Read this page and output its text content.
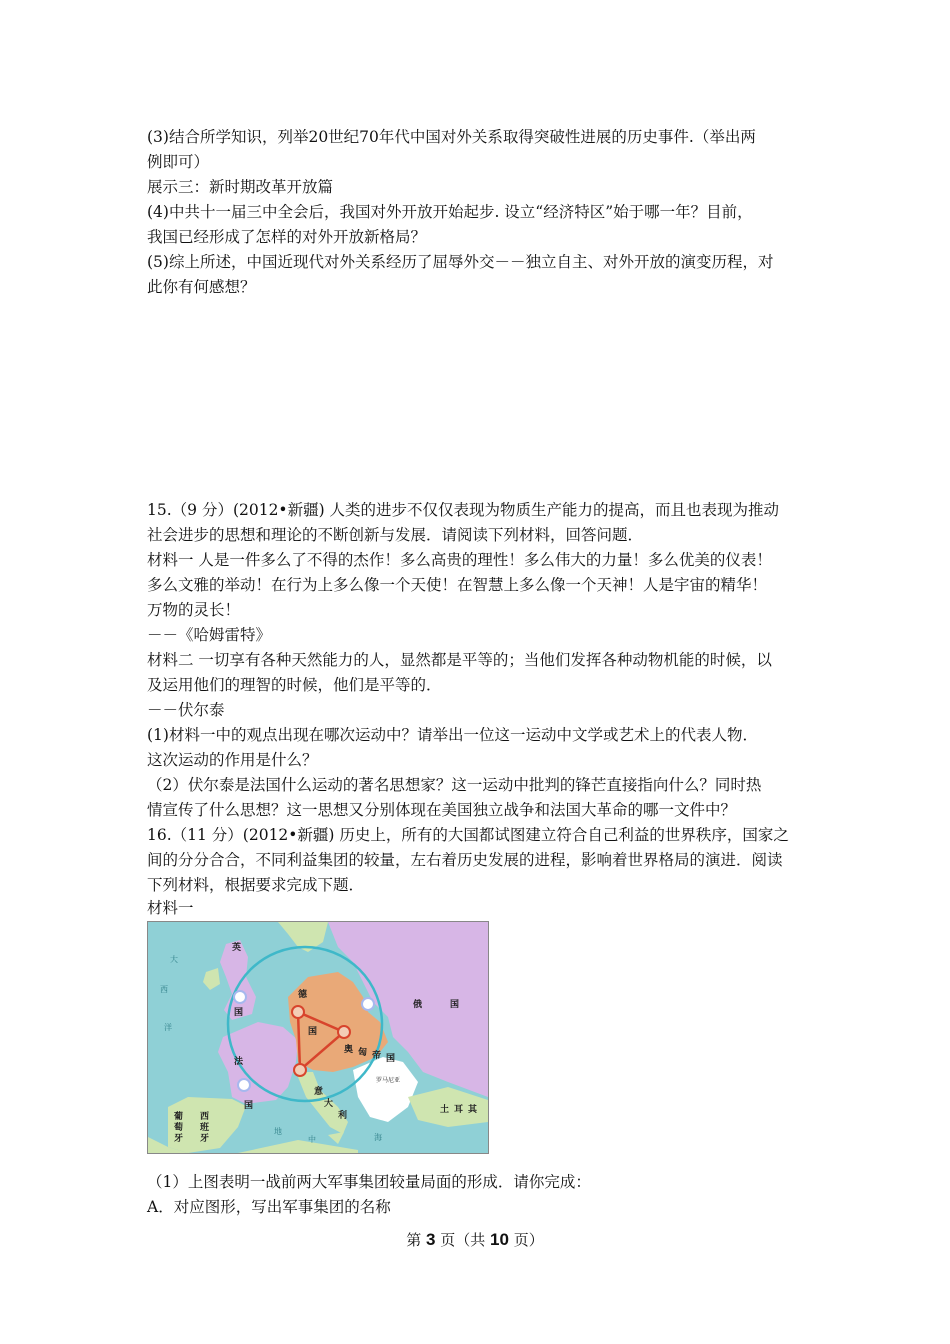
(3)结合所学知识，列举20世纪70年代中国对外关系取得突破性进展的历史事件.（举出两
例即可）
展示三：新时期改革开放篇
(4)中共十一届三中全会后，我国对外开放开始起步. 设立“经济特区”始于哪一年？目前，
我国已经形成了怎样的对外开放新格局？
(5)综上所述，中国近现代对外关系经历了屈辱外交－－独立自主、对外开放的演变历程，对
此你有何感想？
15.（9 分）(2012•新疆) 人类的进步不仅仅表现为物质生产能力的提高，而且也表现为推动
社会进步的思想和理论的不断创新与发展．请阅读下列材料，回答问题．
材料一 人是一件多么了不得的杰作！多么高贵的理性！多么伟大的力量！多么优美的仪表！
多么文雅的举动！在行为上多么像一个天使！在智慧上多么像一个天神！人是宇宙的精华！
万物的灵长！
－－《哈姆雷特》
材料二 一切享有各种天然能力的人，显然都是平等的；当他们发挥各种动物机能的时候，以
及运用他们的理智的时候，他们是平等的．
－－伏尔泰
(1)材料一中的观点出现在哪次运动中？请举出一位这一运动中文学或艺术上的代表人物．
这次运动的作用是什么？
（2）伏尔泰是法国什么运动的著名思想家？这一运动中批判的锋芒直接指向什么？同时热
情宣传了什么思想？这一思想又分别体现在美国独立战争和法国大革命的哪一文件中？
16.（11 分）(2012•新疆) 历史上，所有的大国都试图建立符合自己利益的世界秩序，国家之
间的分分合合，不同利益集团的较量，左右着历史发展的进程，影响着世界格局的演进．阅读
下列材料，根据要求完成下题．
材料一
英
国
法
国
德
国
俄	国
奥 匈 帝 国
意
大
利
西
班
牙
葡
萄
牙
土 耳 其
罗马尼亚
大
西
洋
地
中	海
（1）上图表明一战前两大军事集团较量局面的形成．请你完成：
A．对应图形，写出军事集团的名称
第 3 页（共 10 页）
